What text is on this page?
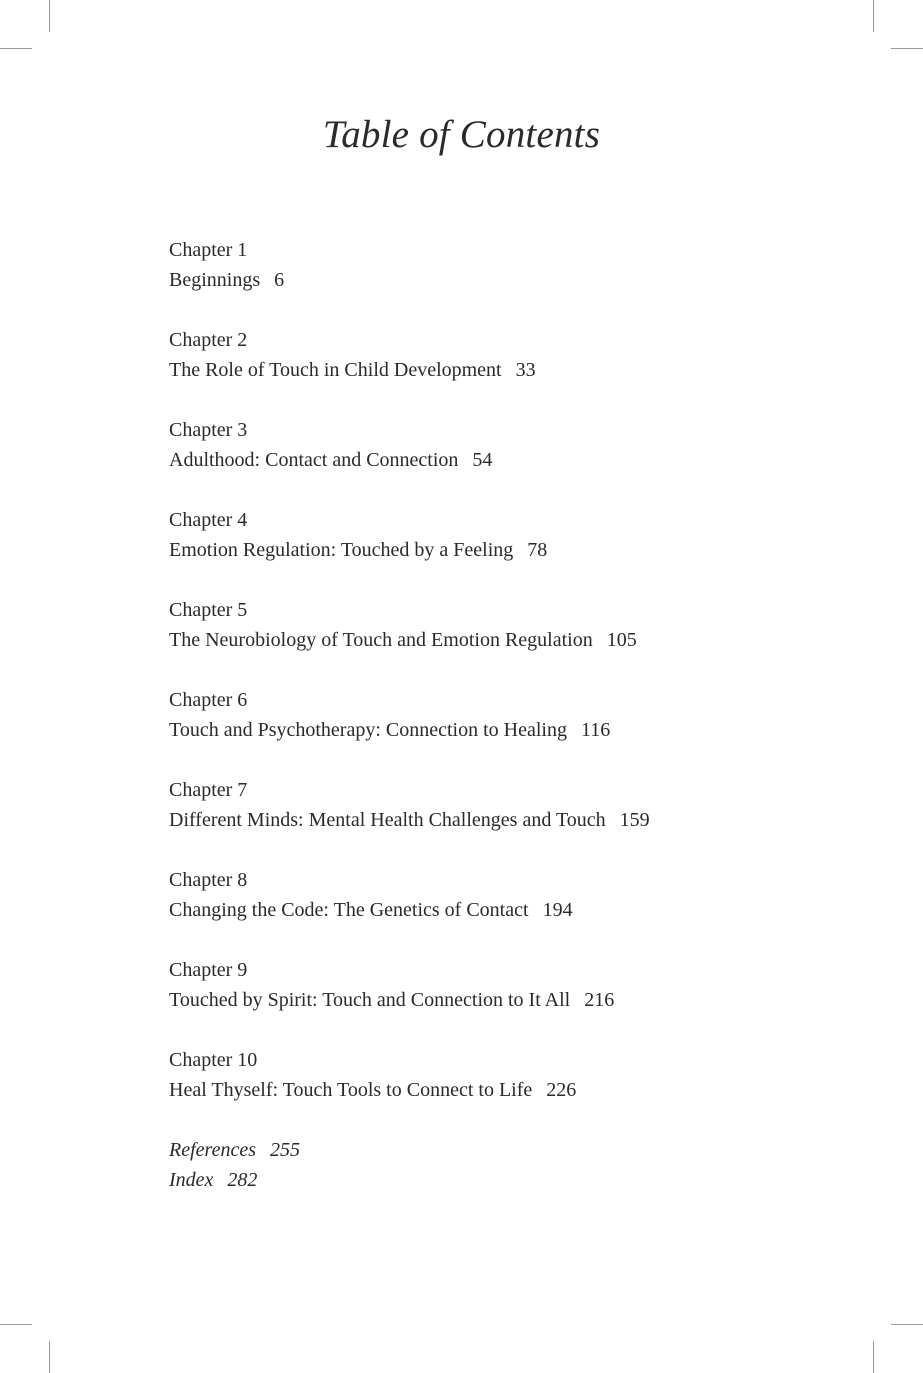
Table of Contents
Chapter 1
Beginnings 6
Chapter 2
The Role of Touch in Child Development 33
Chapter 3
Adulthood: Contact and Connection 54
Chapter 4
Emotion Regulation: Touched by a Feeling 78
Chapter 5
The Neurobiology of Touch and Emotion Regulation 105
Chapter 6
Touch and Psychotherapy: Connection to Healing 116
Chapter 7
Different Minds: Mental Health Challenges and Touch 159
Chapter 8
Changing the Code: The Genetics of Contact 194
Chapter 9
Touched by Spirit: Touch and Connection to It All 216
Chapter 10
Heal Thyself: Touch Tools to Connect to Life 226
References 255
Index 282
